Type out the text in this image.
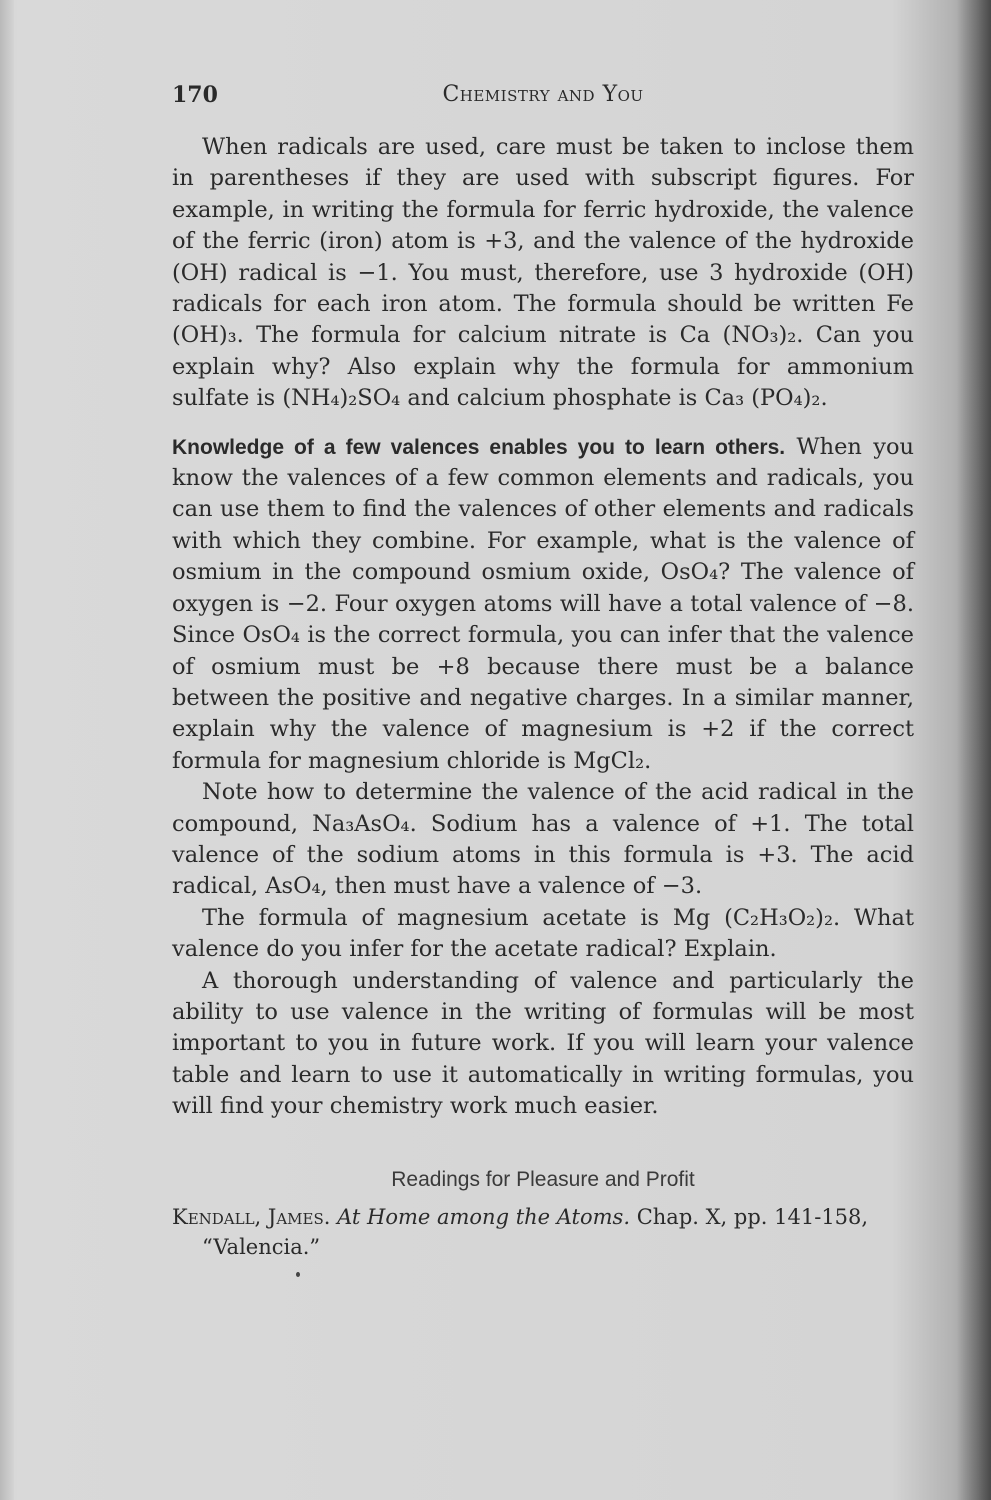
170	Chemistry and You

When radicals are used, care must be taken to inclose them in parentheses if they are used with subscript figures. For example, in writing the formula for ferric hydroxide, the valence of the ferric (iron) atom is +3, and the valence of the hydroxide (OH) radical is −1. You must, therefore, use 3 hydroxide (OH) radicals for each iron atom. The formula should be written Fe (OH)₃. The formula for calcium nitrate is Ca (NO₃)₂. Can you explain why? Also explain why the formula for ammonium sulfate is (NH₄)₂SO₄ and calcium phosphate is Ca₃ (PO₄)₂.

Knowledge of a few valences enables you to learn others. When you know the valences of a few common elements and radicals, you can use them to find the valences of other elements and radicals with which they combine. For example, what is the valence of osmium in the compound osmium oxide, OsO₄? The valence of oxygen is −2. Four oxygen atoms will have a total valence of −8. Since OsO₄ is the correct formula, you can infer that the valence of osmium must be +8 because there must be a balance between the positive and negative charges. In a similar manner, explain why the valence of magnesium is +2 if the correct formula for magnesium chloride is MgCl₂.

Note how to determine the valence of the acid radical in the compound, Na₃AsO₄. Sodium has a valence of +1. The total valence of the sodium atoms in this formula is +3. The acid radical, AsO₄, then must have a valence of −3.

The formula of magnesium acetate is Mg (C₂H₃O₂)₂. What valence do you infer for the acetate radical? Explain.

A thorough understanding of valence and particularly the ability to use valence in the writing of formulas will be most important to you in future work. If you will learn your valence table and learn to use it automatically in writing formulas, you will find your chemistry work much easier.

Readings for Pleasure and Profit
Kendall, James. At Home among the Atoms. Chap. X, pp. 141-158, “Valencia.”
